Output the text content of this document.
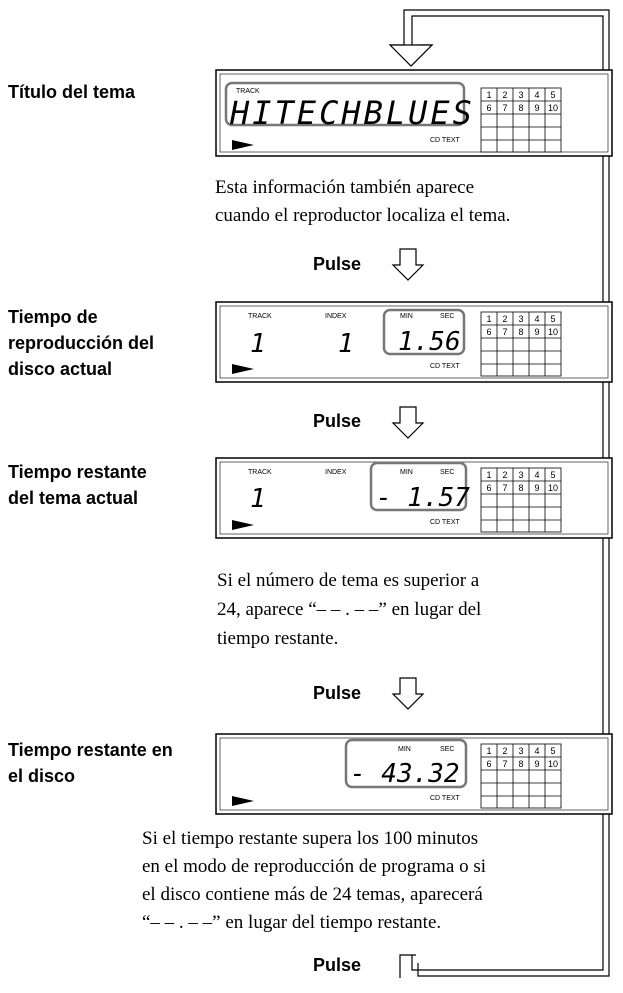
Título del tema
Tiempo de
reproducción del
disco actual
Tiempo restante
del tema actual
Tiempo restante en
el disco
Esta información también aparece
cuando el reproductor localiza el tema.
Si el número de tema es superior a
24, aparece “– – . – –” en lugar del
tiempo restante.
Si el tiempo restante supera los 100 minutos
en el modo de reproducción de programa o si
el disco contiene más de 24 temas, aparecerá
“– – . – –” en lugar del tiempo restante.
Pulse
Pulse
Pulse
Pulse
TRACK
HITECHBLUES
CD TEXT
TRACK	INDEX	MIN	SEC
1	1 1.56
CD TEXT
TRACK	INDEX	MIN	SEC
1	- 1.57
CD TEXT
MIN	SEC
- 43.32
CD TEXT
1 2 3 4 5
6 7 8 9 10
1 2 3 4 5
6 7 8 9 10
1 2 3 4 5
6 7 8 9 10
1 2 3 4 5
6 7 8 9 10
